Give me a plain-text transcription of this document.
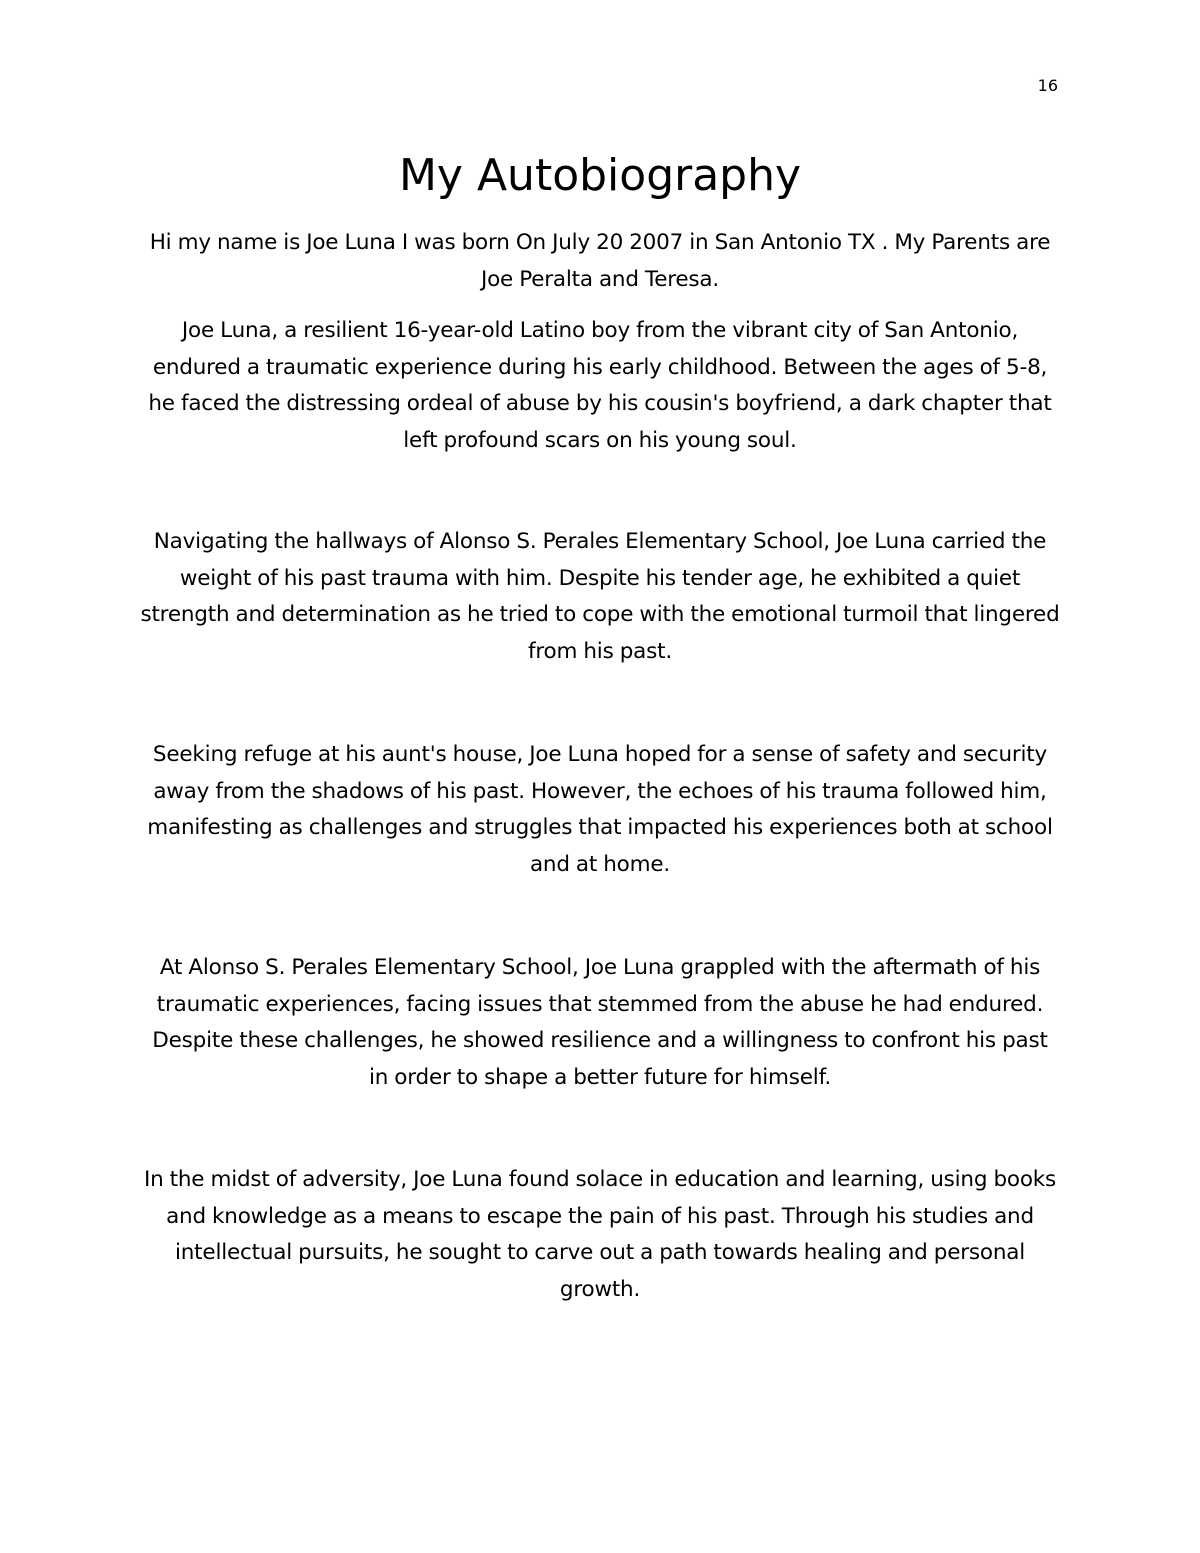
16
My Autobiography

Hi my name is Joe Luna I was born On July 20 2007 in San Antonio TX . My Parents are Joe Peralta and Teresa.

Joe Luna, a resilient 16-year-old Latino boy from the vibrant city of San Antonio, endured a traumatic experience during his early childhood. Between the ages of 5-8, he faced the distressing ordeal of abuse by his cousin's boyfriend, a dark chapter that left profound scars on his young soul.

Navigating the hallways of Alonso S. Perales Elementary School, Joe Luna carried the weight of his past trauma with him. Despite his tender age, he exhibited a quiet strength and determination as he tried to cope with the emotional turmoil that lingered from his past.

Seeking refuge at his aunt's house, Joe Luna hoped for a sense of safety and security away from the shadows of his past. However, the echoes of his trauma followed him, manifesting as challenges and struggles that impacted his experiences both at school and at home.

At Alonso S. Perales Elementary School, Joe Luna grappled with the aftermath of his traumatic experiences, facing issues that stemmed from the abuse he had endured. Despite these challenges, he showed resilience and a willingness to confront his past in order to shape a better future for himself.

In the midst of adversity, Joe Luna found solace in education and learning, using books and knowledge as a means to escape the pain of his past. Through his studies and intellectual pursuits, he sought to carve out a path towards healing and personal growth.
